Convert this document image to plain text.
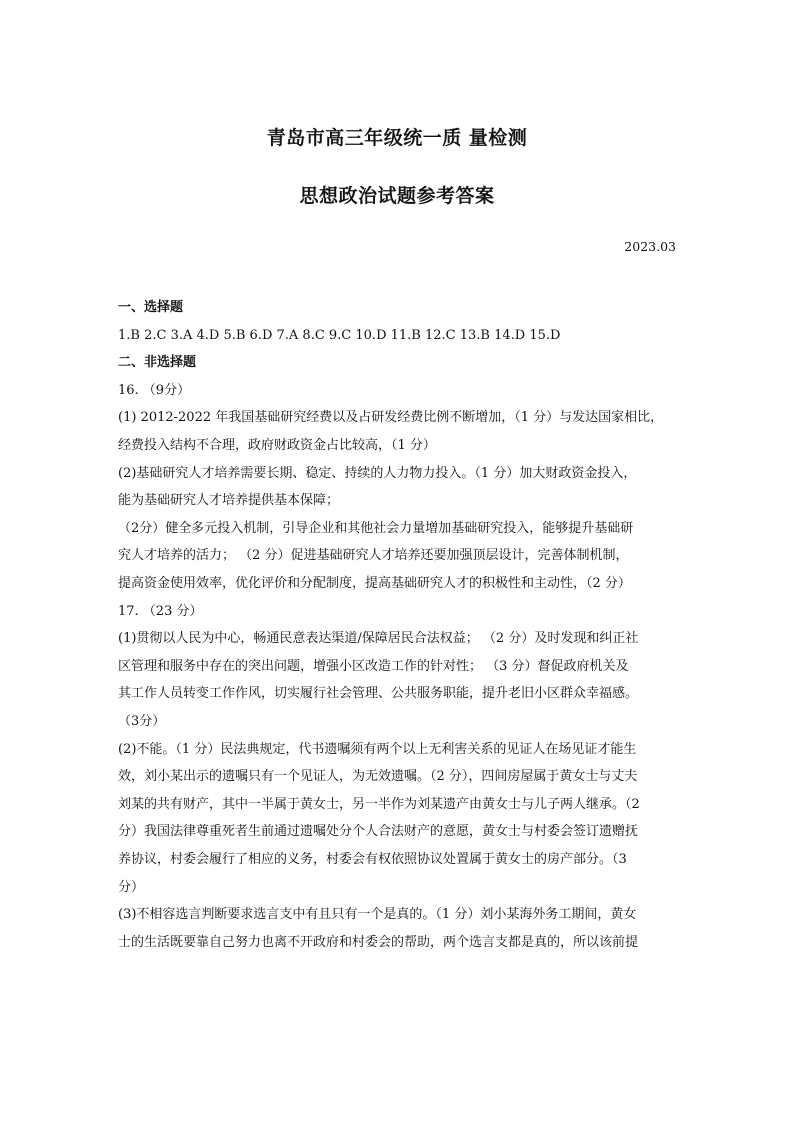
青岛市高三年级统一质 量检测
思想政治试题参考答案
2023.03
一、选择题
1.B 2.C 3.A 4.D 5.B 6.D 7.A 8.C 9.C 10.D 11.B 12.C 13.B 14.D 15.D
二、非选择题
16. （9分）
(1) 2012-2022 年我国基础研究经费以及占研发经费比例不断增加，（1 分）与发达国家相比，
经费投入结构不合理，政府财政资金占比较高，（1 分）
(2)基础研究人才培养需要长期、稳定、持续的人力物力投入。（1 分）加大财政资金投入，
能为基础研究人才培养提供基本保障；
（2分）健全多元投入机制，引导企业和其他社会力量增加基础研究投入，能够提升基础研
究人才培养的活力； （2 分）促进基础研究人才培养还要加强顶层设计，完善体制机制，
提高资金使用效率，优化评价和分配制度，提高基础研究人才的积极性和主动性，（2 分）
17. （23 分）
(1)贯彻以人民为中心，畅通民意表达渠道/保障居民合法权益； （2 分）及时发现和纠正社
区管理和服务中存在的突出问题，增强小区改造工作的针对性； （3 分）督促政府机关及
其工作人员转变工作作风，切实履行社会管理、公共服务职能，提升老旧小区群众幸福感。
（3分）
(2)不能。（1 分）民法典规定，代书遗嘱须有两个以上无利害关系的见证人在场见证才能生
效，刘小某出示的遗嘱只有一个见证人，为无效遗嘱。（2 分），四间房屋属于黄女士与丈夫
刘某的共有财产，其中一半属于黄女士，另一半作为刘某遗产由黄女士与儿子两人继承。（2
分）我国法律尊重死者生前通过遗嘱处分个人合法财产的意愿，黄女士与村委会签订遗赠抚
养协议，村委会履行了相应的义务，村委会有权依照协议处置属于黄女士的房产部分。（3
分）
(3)不相容选言判断要求选言支中有且只有一个是真的。（1 分）刘小某海外务工期间，黄女
士的生活既要靠自己努力也离不开政府和村委会的帮助，两个选言支都是真的，所以该前提
